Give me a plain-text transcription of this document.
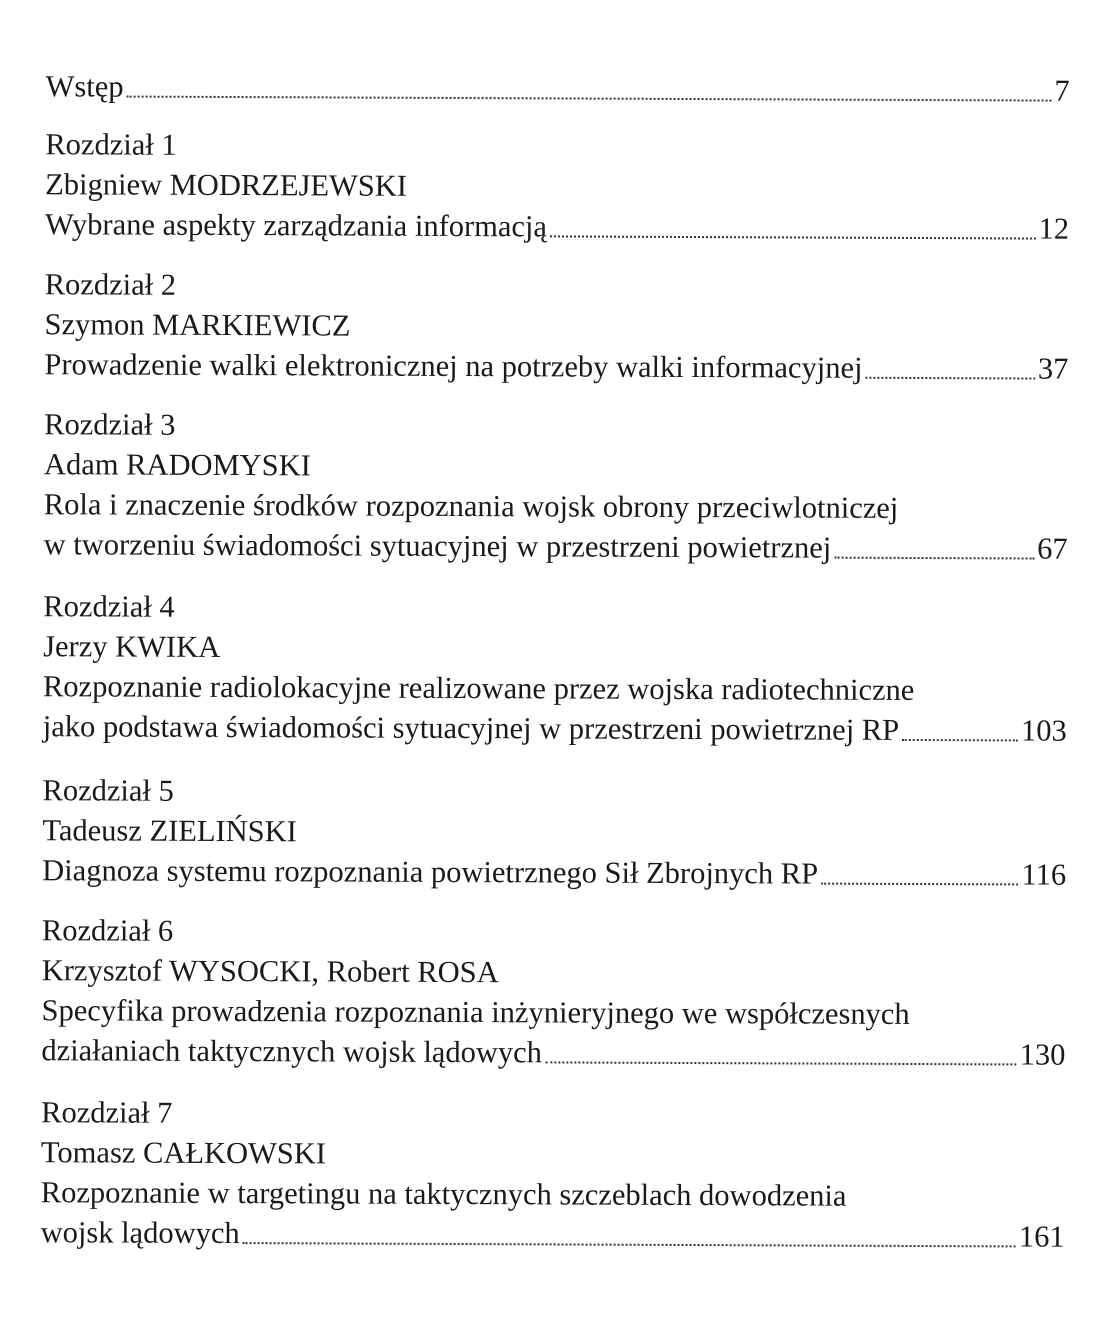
Wstęp	7
Rozdział 1
Zbigniew MODRZEJEWSKI
Wybrane aspekty zarządzania informacją	12
Rozdział 2
Szymon MARKIEWICZ
Prowadzenie walki elektronicznej na potrzeby walki informacyjnej	37
Rozdział 3
Adam RADOMYSKI
Rola i znaczenie środków rozpoznania wojsk obrony przeciwlotniczej
w tworzeniu świadomości sytuacyjnej w przestrzeni powietrznej	67
Rozdział 4
Jerzy KWIKA
Rozpoznanie radiolokacyjne realizowane przez wojska radiotechniczne
jako podstawa świadomości sytuacyjnej w przestrzeni powietrznej RP	103
Rozdział 5
Tadeusz ZIELIŃSKI
Diagnoza systemu rozpoznania powietrznego Sił Zbrojnych RP	116
Rozdział 6
Krzysztof WYSOCKI, Robert ROSA
Specyfika prowadzenia rozpoznania inżynieryjnego we współczesnych
działaniach taktycznych wojsk lądowych	130
Rozdział 7
Tomasz CAŁKOWSKI
Rozpoznanie w targetingu na taktycznych szczeblach dowodzenia
wojsk lądowych	161
